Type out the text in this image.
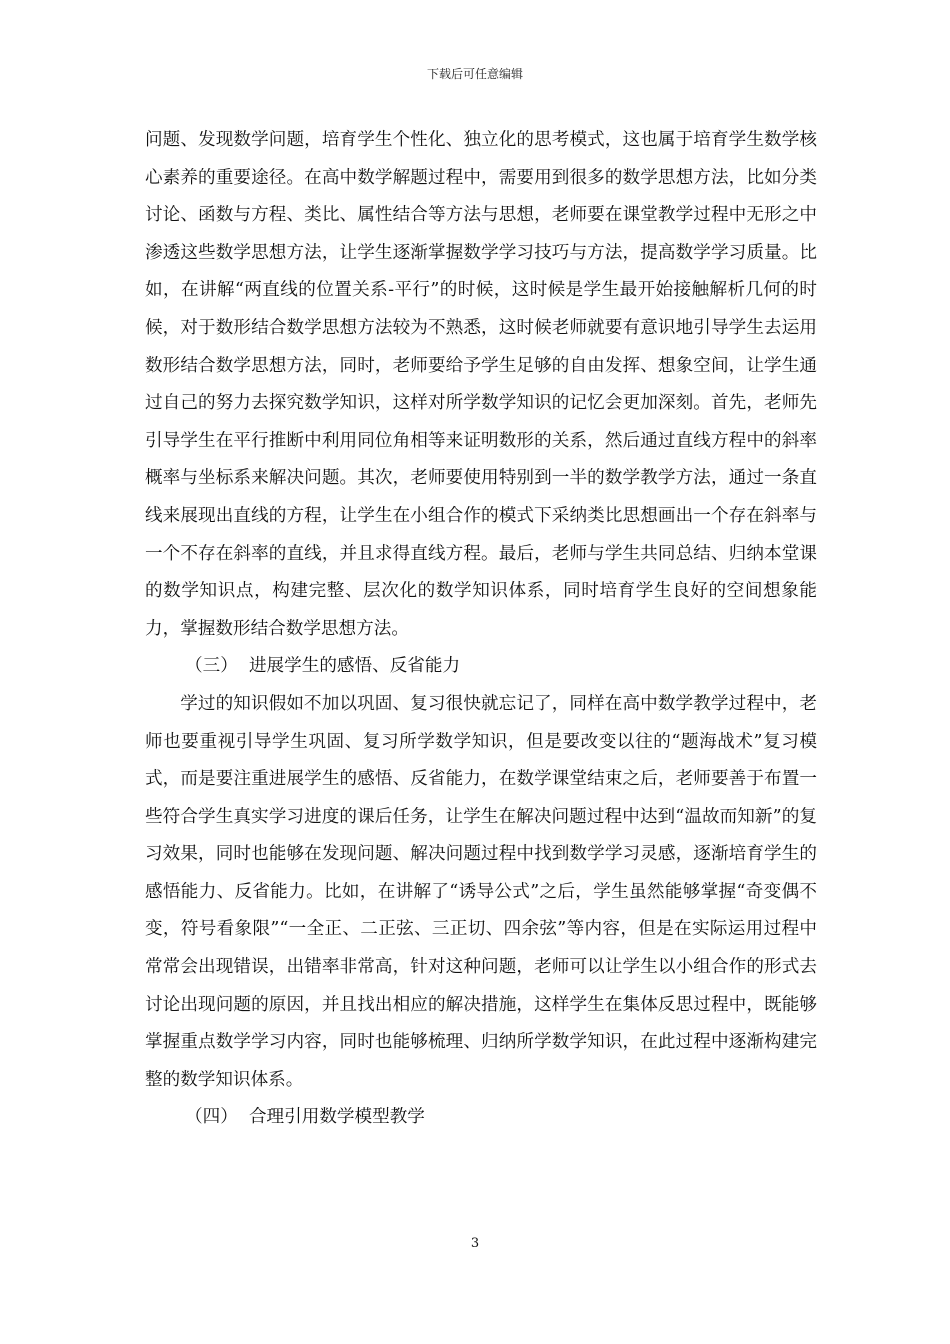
下载后可任意编辑

问题、发现数学问题，培育学生个性化、独立化的思考模式，这也属于培育学生数学核心素养的重要途径。在高中数学解题过程中，需要用到很多的数学思想方法，比如分类讨论、函数与方程、类比、属性结合等方法与思想，老师要在课堂教学过程中无形之中渗透这些数学思想方法，让学生逐渐掌握数学学习技巧与方法，提高数学学习质量。比如，在讲解“两直线的位置关系-平行”的时候，这时候是学生最开始接触解析几何的时候，对于数形结合数学思想方法较为不熟悉，这时候老师就要有意识地引导学生去运用数形结合数学思想方法，同时，老师要给予学生足够的自由发挥、想象空间，让学生通过自己的努力去探究数学知识，这样对所学数学知识的记忆会更加深刻。首先，老师先引导学生在平行推断中利用同位角相等来证明数形的关系，然后通过直线方程中的斜率概率与坐标系来解决问题。其次，老师要使用特别到一半的数学教学方法，通过一条直线来展现出直线的方程，让学生在小组合作的模式下采纳类比思想画出一个存在斜率与一个不存在斜率的直线，并且求得直线方程。最后，老师与学生共同总结、归纳本堂课的数学知识点，构建完整、层次化的数学知识体系，同时培育学生良好的空间想象能力，掌握数形结合数学思想方法。

（三）  进展学生的感悟、反省能力

学过的知识假如不加以巩固、复习很快就忘记了，同样在高中数学教学过程中，老师也要重视引导学生巩固、复习所学数学知识，但是要改变以往的“题海战术”复习模式，而是要注重进展学生的感悟、反省能力，在数学课堂结束之后，老师要善于布置一些符合学生真实学习进度的课后任务，让学生在解决问题过程中达到“温故而知新”的复习效果，同时也能够在发现问题、解决问题过程中找到数学学习灵感，逐渐培育学生的感悟能力、反省能力。比如，在讲解了“诱导公式”之后，学生虽然能够掌握“奇变偶不变，符号看象限”“一全正、二正弦、三正切、四余弦”等内容，但是在实际运用过程中常常会出现错误，出错率非常高，针对这种问题，老师可以让学生以小组合作的形式去讨论出现问题的原因，并且找出相应的解决措施，这样学生在集体反思过程中，既能够掌握重点数学学习内容，同时也能够梳理、归纳所学数学知识，在此过程中逐渐构建完整的数学知识体系。

（四）  合理引用数学模型教学

3
